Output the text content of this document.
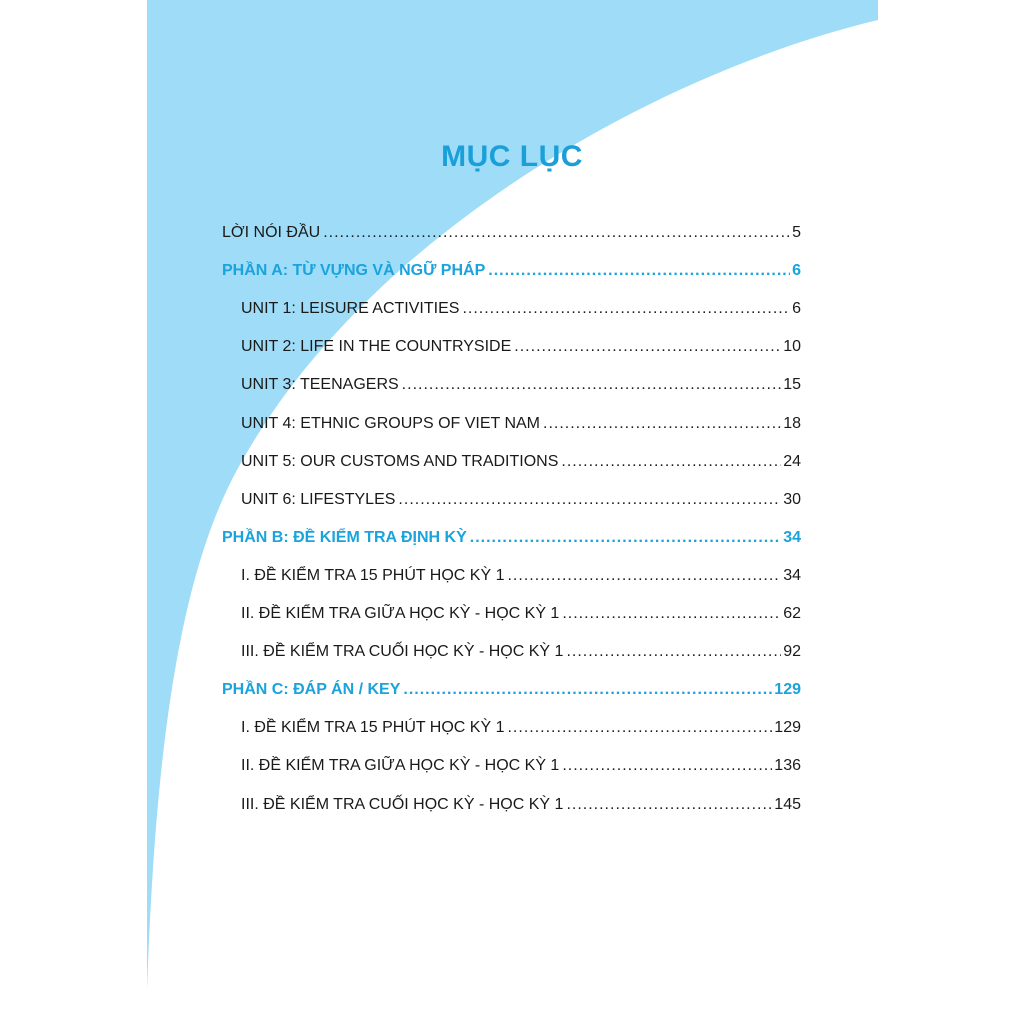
MỤC LỤC
LỜI NÓI ĐẦU .....	5
PHẦN A: TỪ VỰNG VÀ NGỮ PHÁP .....	6
UNIT 1: LEISURE ACTIVITIES .....	6
UNIT 2: LIFE IN THE COUNTRYSIDE .....	10
UNIT 3: TEENAGERS .....	15
UNIT 4: ETHNIC GROUPS OF VIET NAM .....	18
UNIT 5: OUR CUSTOMS AND TRADITIONS .....	24
UNIT 6: LIFESTYLES .....	30
PHẦN B: ĐỀ KIỂM TRA ĐỊNH KỲ .....	34
I. ĐỀ KIỂM TRA 15 PHÚT HỌC KỲ 1 .....	34
II. ĐỀ KIỂM TRA GIỮA HỌC KỲ - HỌC KỲ 1 .....	62
III. ĐỀ KIỂM TRA CUỐI HỌC KỲ - HỌC KỲ 1 .....	92
PHẦN C: ĐÁP ÁN / KEY .....	129
I. ĐỀ KIỂM TRA 15 PHÚT HỌC KỲ 1 .....	129
II. ĐỀ KIỂM TRA GIỮA HỌC KỲ - HỌC KỲ 1 .....	136
III. ĐỀ KIỂM TRA CUỐI HỌC KỲ - HỌC KỲ 1 .....	145
